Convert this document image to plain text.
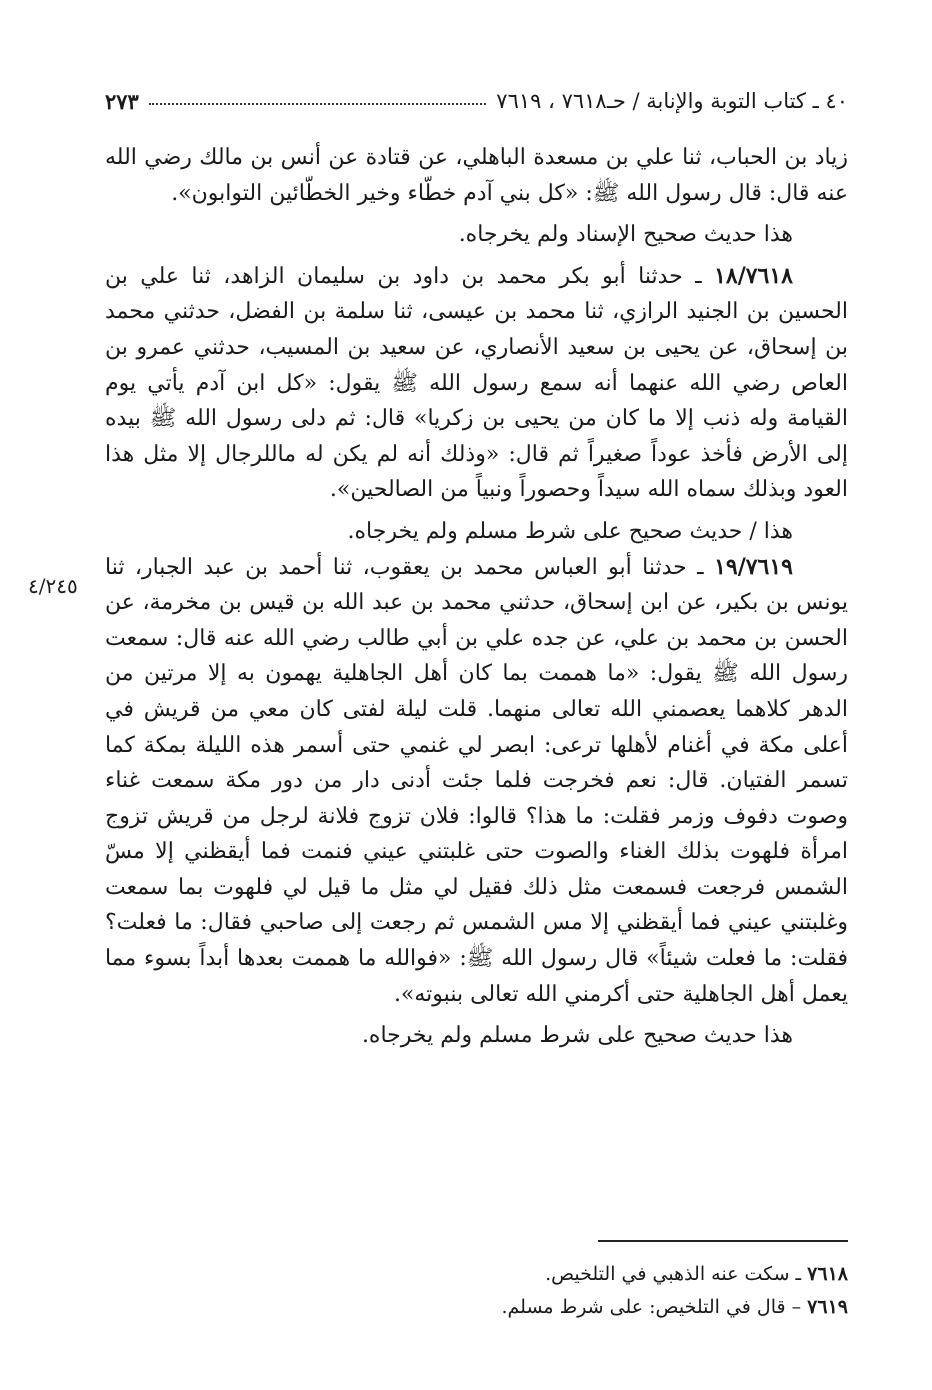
٤٠ ـ كتاب التوبة والإنابة / حـ٧٦١٨ ، ٧٦١٩
٢٧٣
٤/٢٤٥

زياد بن الحباب، ثنا علي بن مسعدة الباهلي، عن قتادة عن أنس بن مالك رضي الله عنه قال: قال رسول الله ﷺ: «كل بني آدم خطّاء وخير الخطّائين التوابون».

هذا حديث صحيح الإسناد ولم يخرجاه.

١٨/٧٦١٨ ـ حدثنا أبو بكر محمد بن داود بن سليمان الزاهد، ثنا علي بن الحسين بن الجنيد الرازي، ثنا محمد بن عيسى، ثنا سلمة بن الفضل، حدثني محمد بن إسحاق، عن يحيى بن سعيد الأنصاري، عن سعيد بن المسيب، حدثني عمرو بن العاص رضي الله عنهما أنه سمع رسول الله ﷺ يقول: «كل ابن آدم يأتي يوم القيامة وله ذنب إلا ما كان من يحيى بن زكريا» قال: ثم دلى رسول الله ﷺ بيده إلى الأرض فأخذ عوداً صغيراً ثم قال: «وذلك أنه لم يكن له ماللرجال إلا مثل هذا العود وبذلك سماه الله سيداً وحصوراً ونبياً من الصالحين».

هذا / حديث صحيح على شرط مسلم ولم يخرجاه.

١٩/٧٦١٩ ـ حدثنا أبو العباس محمد بن يعقوب، ثنا أحمد بن عبد الجبار، ثنا يونس بن بكير، عن ابن إسحاق، حدثني محمد بن عبد الله بن قيس بن مخرمة، عن الحسن بن محمد بن علي، عن جده علي بن أبي طالب رضي الله عنه قال: سمعت رسول الله ﷺ يقول: «ما هممت بما كان أهل الجاهلية يهمون به إلا مرتين من الدهر كلاهما يعصمني الله تعالى منهما. قلت ليلة لفتى كان معي من قريش في أعلى مكة في أغنام لأهلها ترعى: ابصر لي غنمي حتى أسمر هذه الليلة بمكة كما تسمر الفتيان. قال: نعم فخرجت فلما جئت أدنى دار من دور مكة سمعت غناء وصوت دفوف وزمر فقلت: ما هذا؟ قالوا: فلان تزوج فلانة لرجل من قريش تزوج امرأة فلهوت بذلك الغناء والصوت حتى غلبتني عيني فنمت فما أيقظني إلا مسّ الشمس فرجعت فسمعت مثل ذلك فقيل لي مثل ما قيل لي فلهوت بما سمعت وغلبتني عيني فما أيقظني إلا مس الشمس ثم رجعت إلى صاحبي فقال: ما فعلت؟ فقلت: ما فعلت شيئاً» قال رسول الله ﷺ: «فوالله ما هممت بعدها أبداً بسوء مما يعمل أهل الجاهلية حتى أكرمني الله تعالى بنبوته».

هذا حديث صحيح على شرط مسلم ولم يخرجاه.

٧٦١٨ ـ سكت عنه الذهبي في التلخيص.

٧٦١٩ – قال في التلخيص: على شرط مسلم.
